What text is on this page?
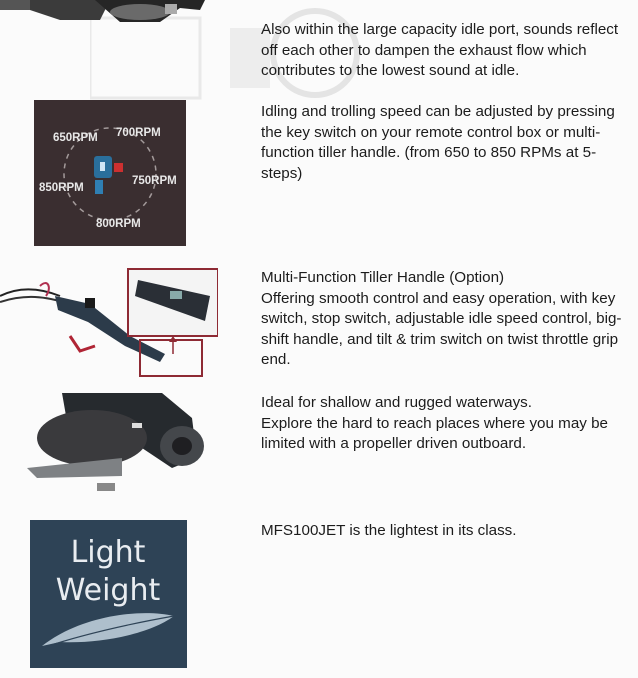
Also within the large capacity idle port, sounds reflect off each other to dampen the exhaust flow which contributes to the lowest sound at idle.

650RPM 700RPM
750RPM
800RPM
850RPM

Idling and trolling speed can be adjusted by pressing the key switch on your remote control box or multi-function tiller handle. (from 650 to 850 RPMs at 5-steps)

Multi-Function Tiller Handle (Option)

Offering smooth control and easy operation, with key switch, stop switch, adjustable idle speed control, big-shift handle, and tilt & trim switch on twist throttle grip end.

Ideal for shallow and rugged waterways.

Explore the hard to reach places where you may be limited with a propeller driven outboard.

Light
Weight

MFS100JET is the lightest in its class.
